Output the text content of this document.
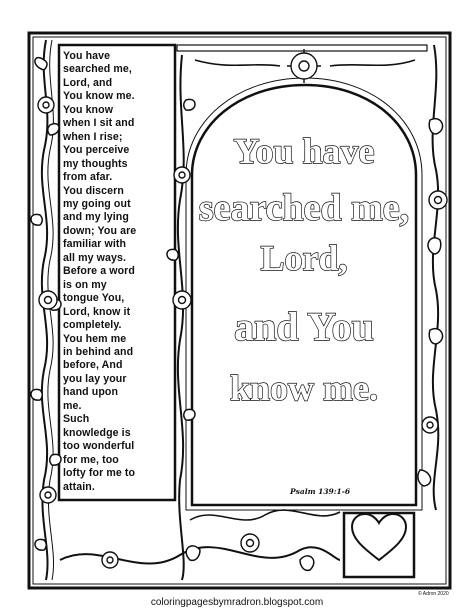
You have
searched me,
Lord, and
You know me.
You know
when I sit and
when I rise;
You perceive
my thoughts
from afar.
You discern
my going out
and my lying
down; You are
familiar with
all my ways.
Before a word
is on my
tongue You,
Lord, know it
completely.
You hem me
in behind and
before, And
you lay your
hand upon
me.
Such
knowledge is
too wonderful
for me, too
lofty for me to
attain.
You have
searched me,
Lord,
and You
know me.
Psalm 139:1-6
© Adron 2020
coloringpagesbymradron.blogspot.com
